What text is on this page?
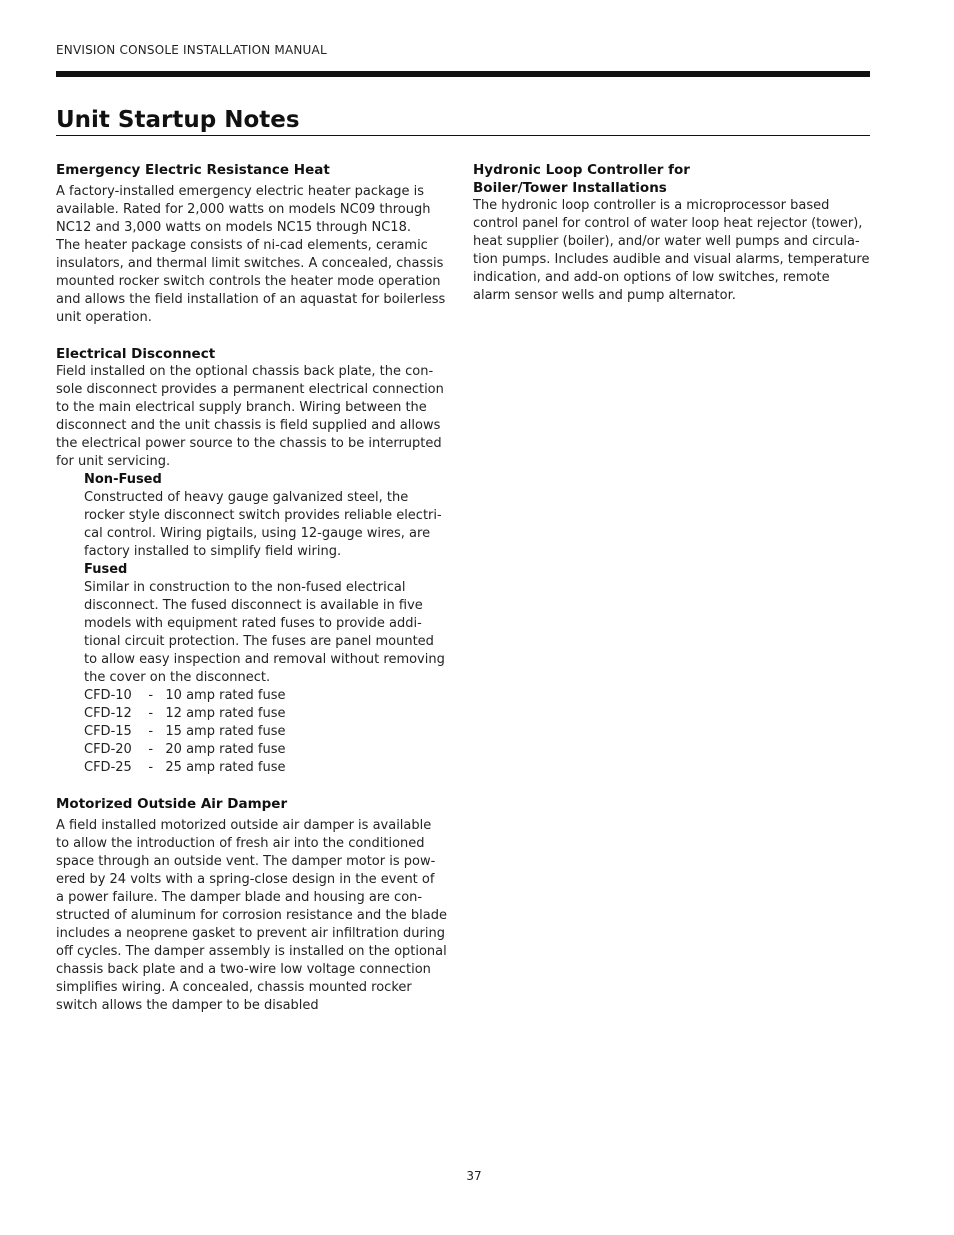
ENVISION CONSOLE INSTALLATION MANUAL
Unit Startup Notes
Emergency Electric Resistance Heat

A factory-installed emergency electric heater package is
available. Rated for 2,000 watts on models NC09 through
NC12 and 3,000 watts on models NC15 through NC18.
The heater package consists of ni-cad elements, ceramic
insulators, and thermal limit switches. A concealed, chassis
mounted rocker switch controls the heater mode operation
and allows the field installation of an aquastat for boilerless
unit operation.

Electrical Disconnect

Field installed on the optional chassis back plate, the con-
sole disconnect provides a permanent electrical connection
to the main electrical supply branch. Wiring between the
disconnect and the unit chassis is field supplied and allows
the electrical power source to the chassis to be interrupted
for unit servicing.

Non-Fused

Constructed of heavy gauge galvanized steel, the
rocker style disconnect switch provides reliable electri-
cal control. Wiring pigtails, using 12-gauge wires, are
factory installed to simplify field wiring.

Fused

Similar in construction to the non-fused electrical
disconnect. The fused disconnect is available in five
models with equipment rated fuses to provide addi-
tional circuit protection. The fuses are panel mounted
to allow easy inspection and removal without removing
the cover on the disconnect.

CFD-10    -   10 amp rated fuse

CFD-12    -   12 amp rated fuse

CFD-15    -   15 amp rated fuse

CFD-20    -   20 amp rated fuse

CFD-25    -   25 amp rated fuse

Motorized Outside Air Damper

A field installed motorized outside air damper is available
to allow the introduction of fresh air into the conditioned
space through an outside vent. The damper motor is pow-
ered by 24 volts with a spring-close design in the event of
a power failure. The damper blade and housing are con-
structed of aluminum for corrosion resistance and the blade
includes a neoprene gasket to prevent air infiltration during
off cycles. The damper assembly is installed on the optional
chassis back plate and a two-wire low voltage connection
simplifies wiring. A concealed, chassis mounted rocker
switch allows the damper to be disabled

Hydronic Loop Controller for
Boiler/Tower Installations

The hydronic loop controller is a microprocessor based
control panel for control of water loop heat rejector (tower),
heat supplier (boiler), and/or water well pumps and circula-
tion pumps. Includes audible and visual alarms, temperature
indication, and add-on options of low switches, remote
alarm sensor wells and pump alternator.

37
